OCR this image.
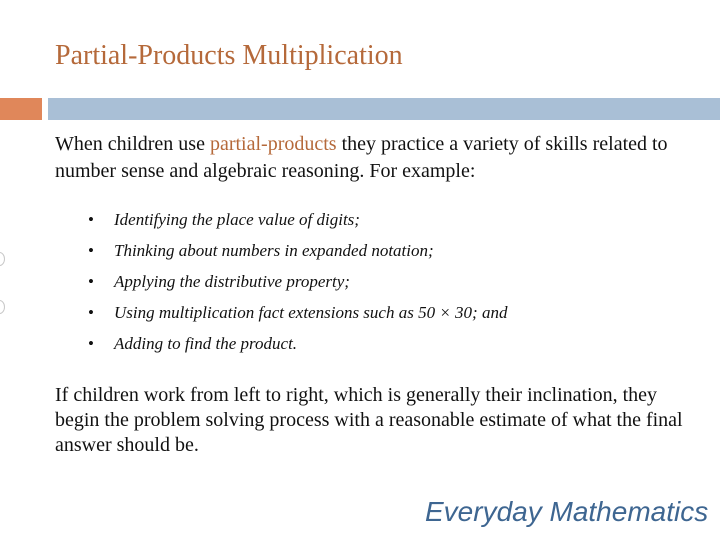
Partial-Products Multiplication
When children use partial-products they practice a variety of skills related to number sense and algebraic reasoning. For example:
• Identifying the place value of digits;
• Thinking about numbers in expanded notation;
• Applying the distributive property;
• Using multiplication fact extensions such as 50 × 30; and
• Adding to find the product.
If children work from left to right, which is generally their inclination, they begin the problem solving process with a reasonable estimate of what the final answer should be.
Everyday Mathematics
